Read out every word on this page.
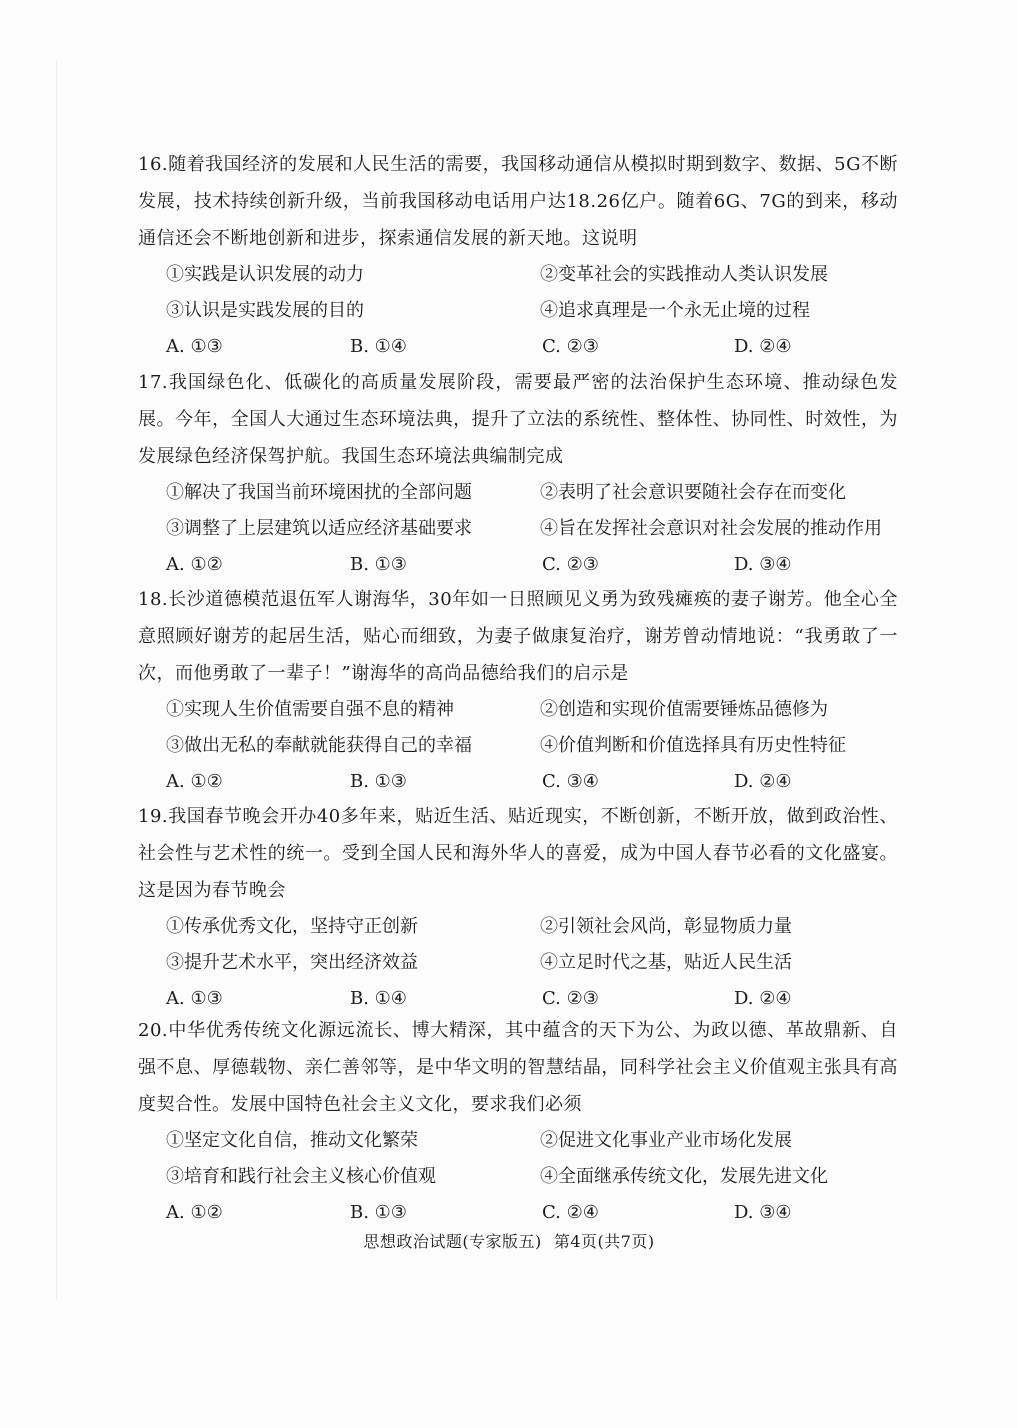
16.随着我国经济的发展和人民生活的需要，我国移动通信从模拟时期到数字、数据、5G不断发展，技术持续创新升级，当前我国移动电话用户达18.26亿户。随着6G、7G的到来，移动通信还会不断地创新和进步，探索通信发展的新天地。这说明

①实践是认识发展的动力	②变革社会的实践推动人类认识发展
③认识是实践发展的目的	④追求真理是一个永无止境的过程
A. ①③	B. ①④	C. ②③	D. ②④

17.我国绿色化、低碳化的高质量发展阶段，需要最严密的法治保护生态环境、推动绿色发展。今年，全国人大通过生态环境法典，提升了立法的系统性、整体性、协同性、时效性，为发展绿色经济保驾护航。我国生态环境法典编制完成

①解决了我国当前环境困扰的全部问题	②表明了社会意识要随社会存在而变化
③调整了上层建筑以适应经济基础要求	④旨在发挥社会意识对社会发展的推动作用
A. ①②	B. ①③	C. ②③	D. ③④

18.长沙道德模范退伍军人谢海华，30年如一日照顾见义勇为致残瘫痪的妻子谢芳。他全心全意照顾好谢芳的起居生活，贴心而细致，为妻子做康复治疗，谢芳曾动情地说：“我勇敢了一次，而他勇敢了一辈子！”谢海华的高尚品德给我们的启示是

①实现人生价值需要自强不息的精神	②创造和实现价值需要锤炼品德修为
③做出无私的奉献就能获得自己的幸福	④价值判断和价值选择具有历史性特征
A. ①②	B. ①③	C. ③④	D. ②④

19.我国春节晚会开办40多年来，贴近生活、贴近现实，不断创新，不断开放，做到政治性、社会性与艺术性的统一。受到全国人民和海外华人的喜爱，成为中国人春节必看的文化盛宴。这是因为春节晚会

①传承优秀文化，坚持守正创新	②引领社会风尚，彰显物质力量
③提升艺术水平，突出经济效益	④立足时代之基，贴近人民生活
A. ①③	B. ①④	C. ②③	D. ②④

20.中华优秀传统文化源远流长、博大精深，其中蕴含的天下为公、为政以德、革故鼎新、自强不息、厚德载物、亲仁善邻等，是中华文明的智慧结晶，同科学社会主义价值观主张具有高度契合性。发展中国特色社会主义文化，要求我们必须

①坚定文化自信，推动文化繁荣	②促进文化事业产业市场化发展
③培育和践行社会主义核心价值观	④全面继承传统文化，发展先进文化
A. ①②	B. ①③	C. ②④	D. ③④
思想政治试题(专家版五) 第4页(共7页)
